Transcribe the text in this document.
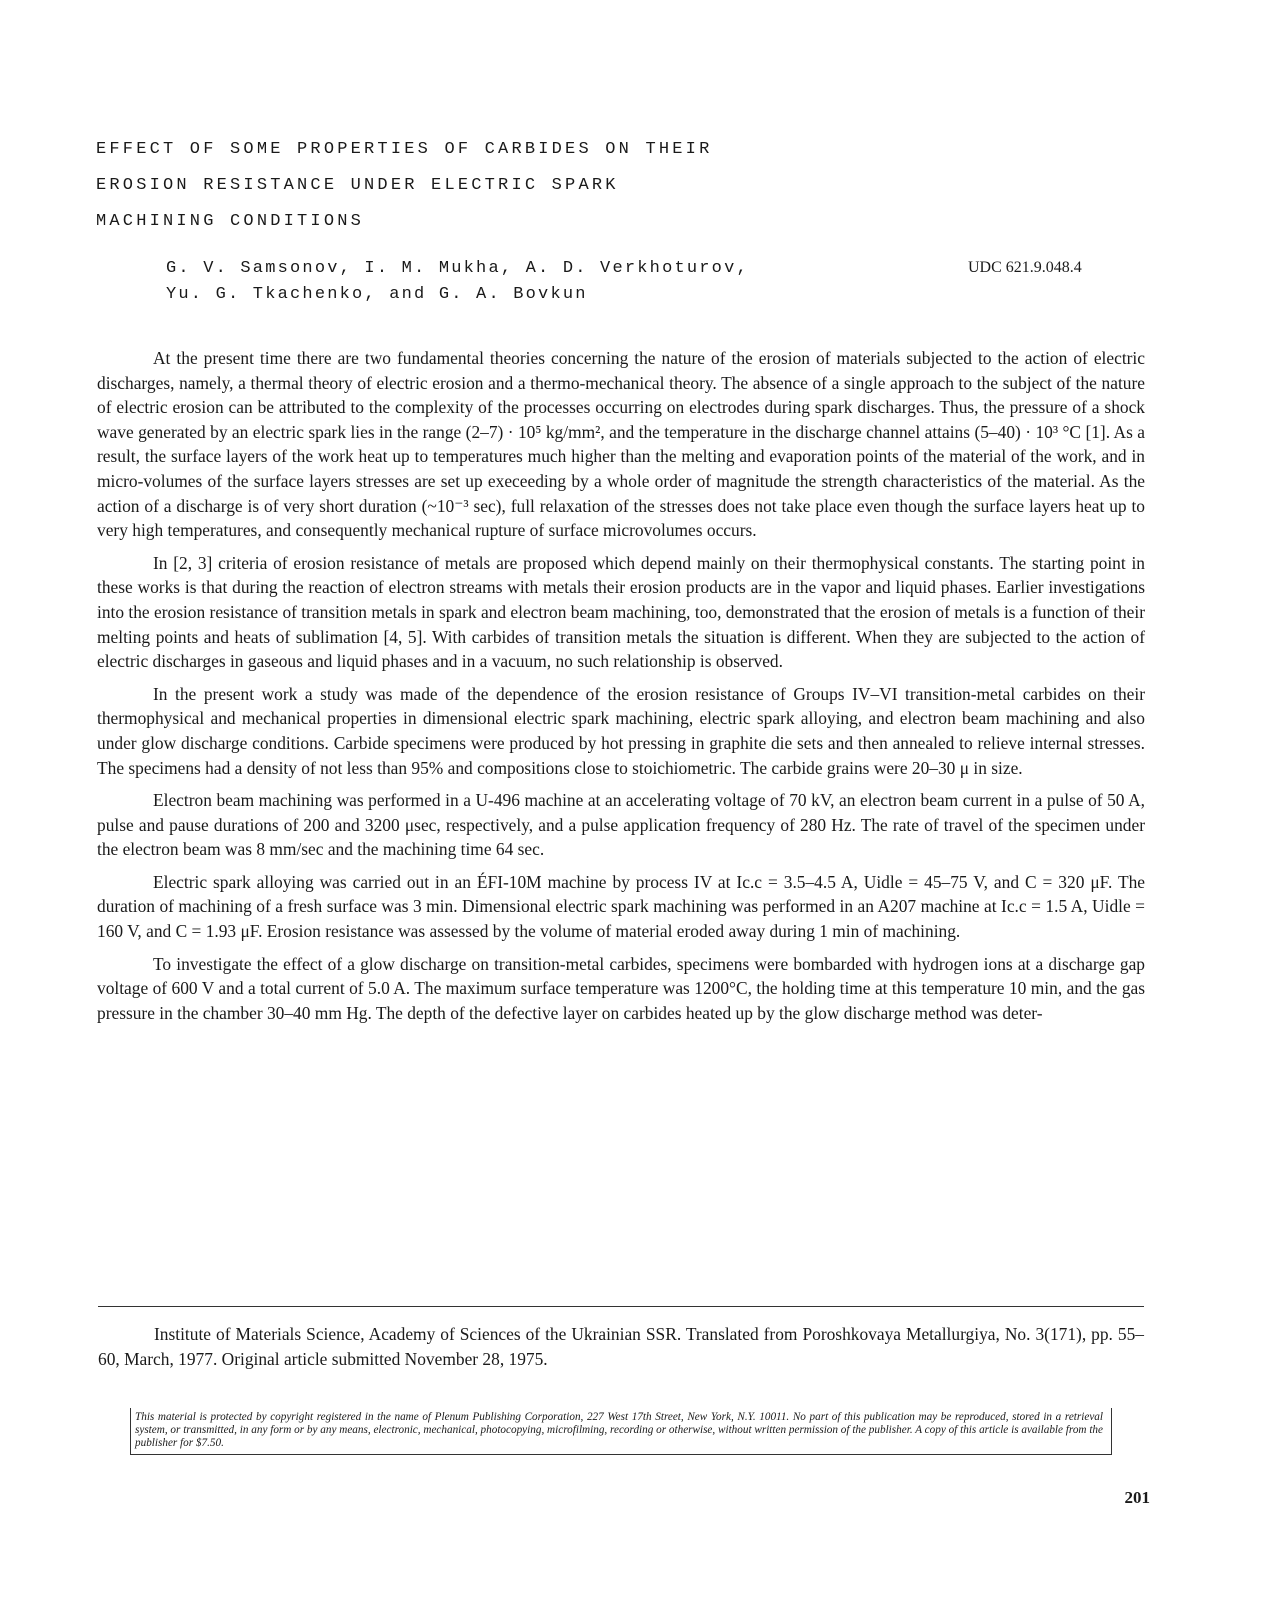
EFFECT OF SOME PROPERTIES OF CARBIDES ON THEIR
EROSION RESISTANCE UNDER ELECTRIC SPARK
MACHINING CONDITIONS
G. V. Samsonov, I. M. Mukha, A. D. Verkhoturov,
Yu. G. Tkachenko, and G. A. Bovkun
UDC 621.9.048.4

At the present time there are two fundamental theories concerning the nature of the erosion of materials subjected to the action of electric discharges, namely, a thermal theory of electric erosion and a thermo-mechanical theory. The absence of a single approach to the subject of the nature of electric erosion can be attributed to the complexity of the processes occurring on electrodes during spark discharges. Thus, the pressure of a shock wave generated by an electric spark lies in the range (2–7) · 10⁵ kg/mm², and the temperature in the discharge channel attains (5–40) · 10³ °C [1]. As a result, the surface layers of the work heat up to temperatures much higher than the melting and evaporation points of the material of the work, and in micro-volumes of the surface layers stresses are set up execeeding by a whole order of magnitude the strength characteristics of the material. As the action of a discharge is of very short duration (~10⁻³ sec), full relaxation of the stresses does not take place even though the surface layers heat up to very high temperatures, and consequently mechanical rupture of surface microvolumes occurs.

In [2, 3] criteria of erosion resistance of metals are proposed which depend mainly on their thermophysical constants. The starting point in these works is that during the reaction of electron streams with metals their erosion products are in the vapor and liquid phases. Earlier investigations into the erosion resistance of transition metals in spark and electron beam machining, too, demonstrated that the erosion of metals is a function of their melting points and heats of sublimation [4, 5]. With carbides of transition metals the situation is different. When they are subjected to the action of electric discharges in gaseous and liquid phases and in a vacuum, no such relationship is observed.

In the present work a study was made of the dependence of the erosion resistance of Groups IV–VI transition-metal carbides on their thermophysical and mechanical properties in dimensional electric spark machining, electric spark alloying, and electron beam machining and also under glow discharge conditions. Carbide specimens were produced by hot pressing in graphite die sets and then annealed to relieve internal stresses. The specimens had a density of not less than 95% and compositions close to stoichiometric. The carbide grains were 20–30 μ in size.

Electron beam machining was performed in a U-496 machine at an accelerating voltage of 70 kV, an electron beam current in a pulse of 50 A, pulse and pause durations of 200 and 3200 μsec, respectively, and a pulse application frequency of 280 Hz. The rate of travel of the specimen under the electron beam was 8 mm/sec and the machining time 64 sec.

Electric spark alloying was carried out in an ÉFI-10M machine by process IV at Ic.c = 3.5–4.5 A, Uidle = 45–75 V, and C = 320 μF. The duration of machining of a fresh surface was 3 min. Dimensional electric spark machining was performed in an A207 machine at Ic.c = 1.5 A, Uidle = 160 V, and C = 1.93 μF. Erosion resistance was assessed by the volume of material eroded away during 1 min of machining.

To investigate the effect of a glow discharge on transition-metal carbides, specimens were bombarded with hydrogen ions at a discharge gap voltage of 600 V and a total current of 5.0 A. The maximum surface temperature was 1200°C, the holding time at this temperature 10 min, and the gas pressure in the chamber 30–40 mm Hg. The depth of the defective layer on carbides heated up by the glow discharge method was deter-

Institute of Materials Science, Academy of Sciences of the Ukrainian SSR. Translated from Poroshkovaya Metallurgiya, No. 3(171), pp. 55–60, March, 1977. Original article submitted November 28, 1975.
This material is protected by copyright registered in the name of Plenum Publishing Corporation, 227 West 17th Street, New York, N.Y. 10011. No part of this publication may be reproduced, stored in a retrieval system, or transmitted, in any form or by any means, electronic, mechanical, photocopying, microfilming, recording or otherwise, without written permission of the publisher. A copy of this article is available from the publisher for $7.50.
201
